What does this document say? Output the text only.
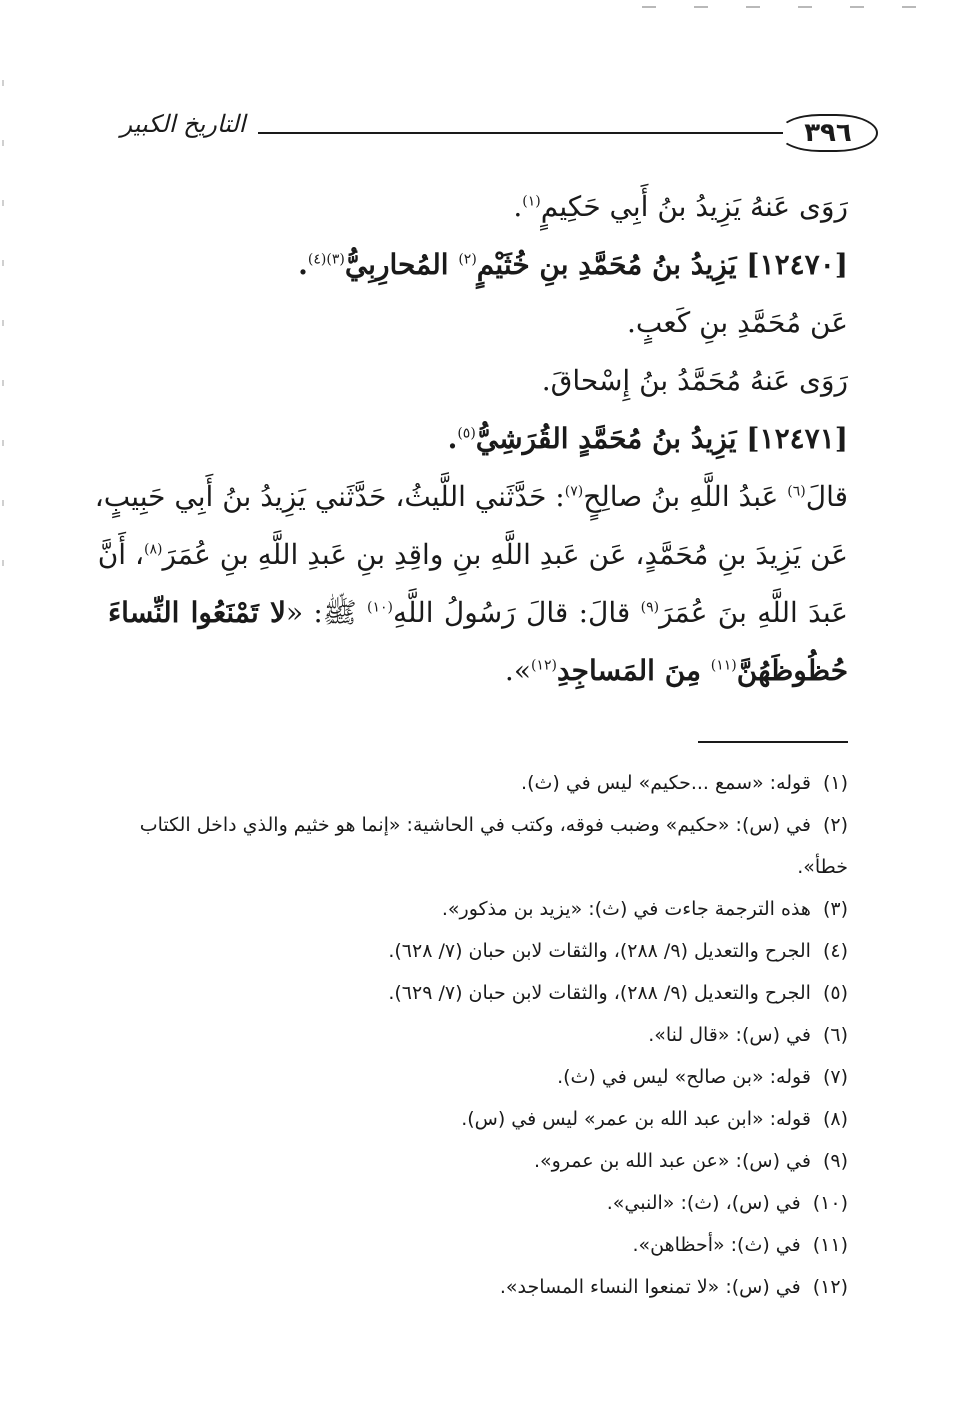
٣٩٦
التاريخ الكبير
رَوَى عَنهُ يَزِيدُ بنُ أَبِي حَكِيمٍ$^{(١)}$.
[١٢٤٧٠] يَزِيدُ بنُ مُحَمَّدِ بنِ خُثَيْمٍ$^{(٢)}$ المُحارِبِيُّ$^{(٣)(٤)}$.
عَن مُحَمَّدِ بنِ كَعبٍ.
رَوَى عَنهُ مُحَمَّدُ بنُ إِسْحاقَ.
[١٢٤٧١] يَزِيدُ بنُ مُحَمَّدٍ القُرَشِيُّ$^{(٥)}$.
قالَ$^{(٦)}$ عَبدُ اللَّهِ بنُ صالِحٍ$^{(٧)}$: حَدَّثَني اللَّيثُ، حَدَّثَني يَزِيدُ بنُ أَبِي حَبِيبٍ،
عَن يَزِيدَ بنِ مُحَمَّدٍ، عَن عَبدِ اللَّهِ بنِ واقِدِ بنِ عَبدِ اللَّهِ بنِ عُمَرَ$^{(٨)}$، أَنَّ
عَبدَ اللَّهِ بنَ عُمَرَ$^{(٩)}$ قالَ: قالَ رَسُولُ اللَّهِ$^{(١٠)}$ ﷺ: «لا تَمْنَعُوا النِّساءَ
حُظُوظَهُنَّ$^{(١١)}$ مِنَ المَساجِدِ$^{(١٢)}$».
(١)قوله: «سمع ...حكيم» ليس في (ث).
(٢)في (س): «حكيم» وضبب فوقه، وكتب في الحاشية: «إنما هو خثيم والذي داخل الكتاب خطأ».
(٣)هذه الترجمة جاءت في (ث): «يزيد بن مذكور».
(٤)الجرح والتعديل (٩/ ٢٨٨)، والثقات لابن حبان (٧/ ٦٢٨).
(٥)الجرح والتعديل (٩/ ٢٨٨)، والثقات لابن حبان (٧/ ٦٢٩).
(٦)في (س): «قال لنا».
(٧)قوله: «بن صالح» ليس في (ث).
(٨)قوله: «ابن عبد الله بن عمر» ليس في (س).
(٩)في (س): «عن عبد الله بن عمرو».
(١٠)في (س)، (ث): «النبي».
(١١)في (ث): «أحظاهن».
(١٢)في (س): «لا تمنعوا النساء المساجد».
